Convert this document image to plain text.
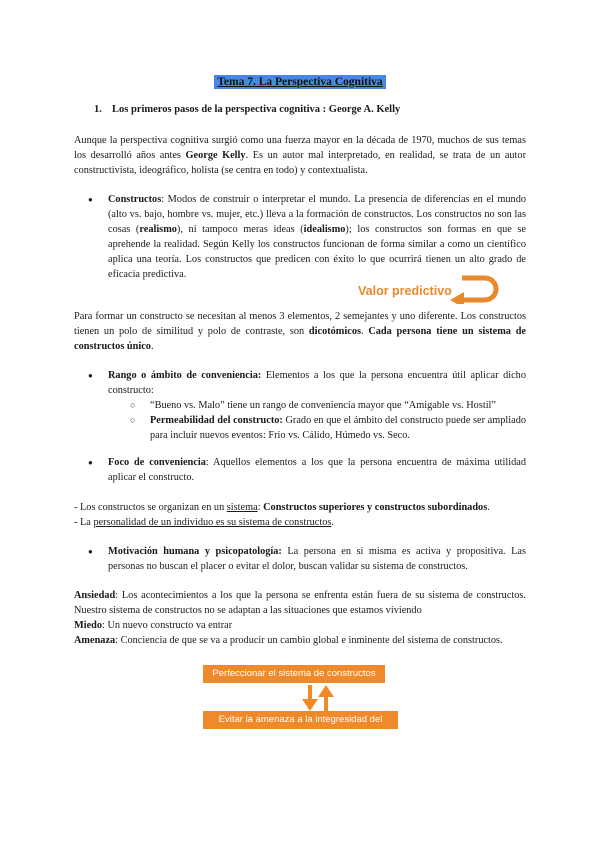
Tema 7. La Perspectiva Cognitiva
1. Los primeros pasos de la perspectiva cognitiva : George A. Kelly
Aunque la perspectiva cognitiva surgió como una fuerza mayor en la década de 1970, muchos de sus temas los desarrolló años antes George Kelly. Es un autor mal interpretado, en realidad, se trata de un autor constructivista, ideográfico, holista (se centra en todo) y contextualista.
● Constructos: Modos de construir o interpretar el mundo. La presencia de diferencias en el mundo (alto vs. bajo, hombre vs. mujer, etc.) lleva a la formación de constructos. Los constructos no son las cosas (realismo), ni tampoco meras ideas (idealismo); los constructos son formas en que se aprehende la realidad. Según Kelly los constructos funcionan de forma similar a como un científico aplica una teoría. Los constructos que predicen con éxito lo que ocurrirá tienen un alto grado de eficacia predictiva.
Valor predictivo
Para formar un constructo se necesitan al menos 3 elementos, 2 semejantes y uno diferente. Los constructos tienen un polo de similitud y polo de contraste, son dicotómicos. Cada persona tiene un sistema de constructos único.
● Rango o ámbito de conveniencia: Elementos a los que la persona encuentra útil aplicar dicho constructo:
○ “Bueno vs. Malo” tiene un rango de conveniencia mayor que “Amigable vs. Hostil”
○ Permeabilidad del constructo: Grado en que el ámbito del constructo puede ser ampliado para incluir nuevos eventos: Frío vs. Cálido, Húmedo vs. Seco.
● Foco de conveniencia: Aquellos elementos a los que la persona encuentra de máxima utilidad aplicar el constructo.
- Los constructos se organizan en un sistema: Constructos superiores y constructos subordinados.
- La personalidad de un individuo es su sistema de constructos.
● Motivación humana y psicopatología: La persona en sí misma es activa y propositiva. Las personas no buscan el placer o evitar el dolor, buscan validar su sistema de constructos.
Ansiedad: Los acontecimientos a los que la persona se enfrenta están fuera de su sistema de constructos. Nuestro sistema de constructos no se adaptan a las situaciones que estamos viviendo
Miedo: Un nuevo constructo va entrar
Amenaza: Conciencia de que se va a producir un cambio global e inminente del sistema de constructos.
Perfeccionar el sistema de constructos
Evitar la amenaza a la integresidad del sistema
